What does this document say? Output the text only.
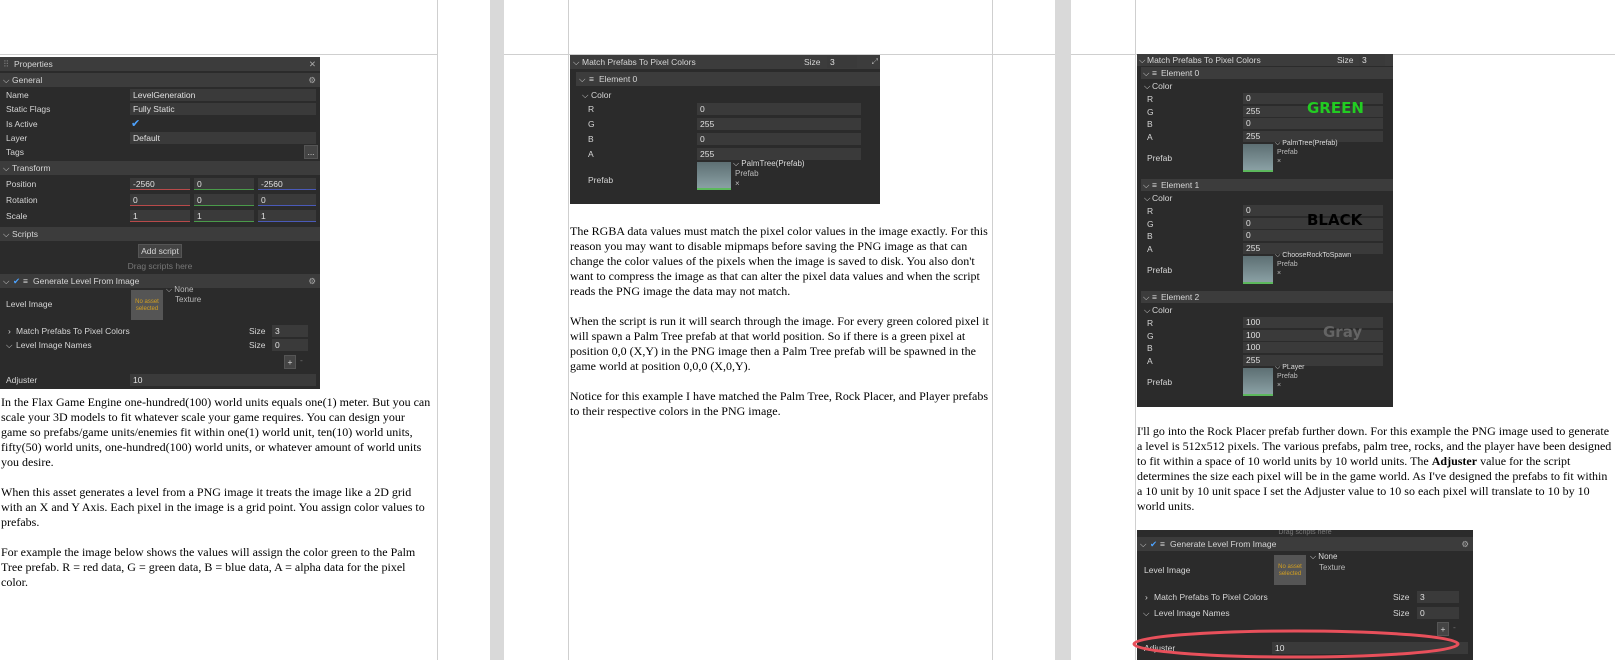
⠿ Properties	✕
⌵ General	⚙
Name	LevelGeneration
Static Flags	Fully Static
Is Active	✔
Layer	Default
Tags	...
⌵ Transform
Position	-2560	0	-2560
Rotation	0	0	0
Scale	1	1	1
⌵ Scripts
Add script
Drag scripts here
⌵ ✔ ≡ Generate Level From Image	⚙
Level Image	No asset selected
⌵ None
Texture
› Match Prefabs To Pixel Colors	Size	3
⌵ Level Image Names	Size	0
+ -
Adjuster	10

In the Flax Game Engine one-hundred(100) world units equals one(1) meter. But you can scale your 3D models to fit whatever scale your game requires. You can design your game so prefabs/game units/enemies fit within one(1) world unit, ten(10) world units, fifty(50) world units, one-hundred(100) world units, or whatever amount of world units you desire.

When this asset generates a level from a PNG image it treats the image like a 2D grid with an X and Y Axis. Each pixel in the image is a grid point. You assign color values to prefabs.

For example the image below shows the values will assign the color green to the Palm Tree prefab. R = red data, G = green data, B = blue data, A = alpha data for the pixel color.

⌵ Match Prefabs To Pixel Colors	Size	3	⤢
⌵ ≡ Element 0
⌵ Color
R	0
G	255
B	0
A	255
Prefab
⌵ PalmTree(Prefab)
Prefab
×

The RGBA data values must match the pixel color values in the image exactly. For this reason you may want to disable mipmaps before saving the PNG image as that can change the color values of the pixels when the image is saved to disk. You also don't want to compress the image as that can alter the pixel data values and when the script reads the PNG image the data may not match.

When the script is run it will search through the image. For every green colored pixel it will spawn a Palm Tree prefab at that world position. So if there is a green pixel at position 0,0 (X,Y) in the PNG image then a Palm Tree prefab will be spawned in the game world at position 0,0,0 (X,0,Y).

Notice for this example I have matched the Palm Tree, Rock Placer, and Player prefabs to their respective colors in the PNG image.

⌵ Match Prefabs To Pixel Colors	Size 3
⌵ ≡ Element 0
⌵ Color
R	0
G	255
B	0
A	255
GREEN
Prefab
⌵ PalmTree(Prefab)
Prefab
×
⌵ ≡ Element 1
⌵ Color
R	0
G	0
B	0
A	255
BLACK
Prefab
⌵ ChooseRockToSpawn
Prefab
×
⌵ ≡ Element 2
⌵ Color
R	100
G	100
B	100
A	255
Gray
Prefab
⌵ PLayer
Prefab
×

I'll go into the Rock Placer prefab further down. For this example the PNG image used to generate a level is 512x512 pixels. The various prefabs, palm tree, rocks, and the player have been designed to fit within a space of 10 world units by 10 world units. The Adjuster value for the script determines the size each pixel will be in the game world. As I've designed the prefabs to fit within a 10 unit by 10 unit space I set the Adjuster value to 10 so each pixel will translate to 10 by 10 world units.

Drag scripts here
⌵ ✔ ≡ Generate Level From Image	⚙
Level Image	No asset selected
⌵ None
Texture
› Match Prefabs To Pixel Colors	Size	3
⌵ Level Image Names	Size	0
+ -
Adjuster	10
